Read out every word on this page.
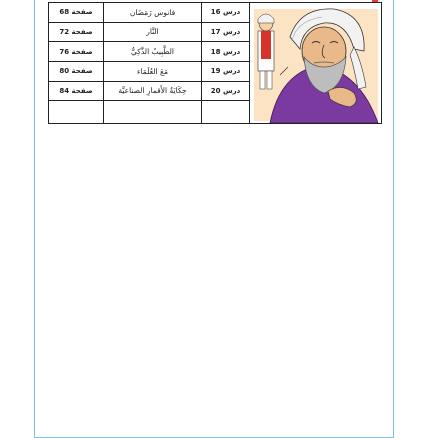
صفحة 68	فانوس رَمَضَان	درس 16	

صفحة 72	النَّار	درس 17	
صفحة 76	الطَّبِيبُ الذَّكِيُّ	درس 18	
صفحة 80	مَعَ العُلَمَاء	درس 19	
صفحة 84	حِكَايَةُ الأَقمارِ الصناعيَّة	درس 20	
